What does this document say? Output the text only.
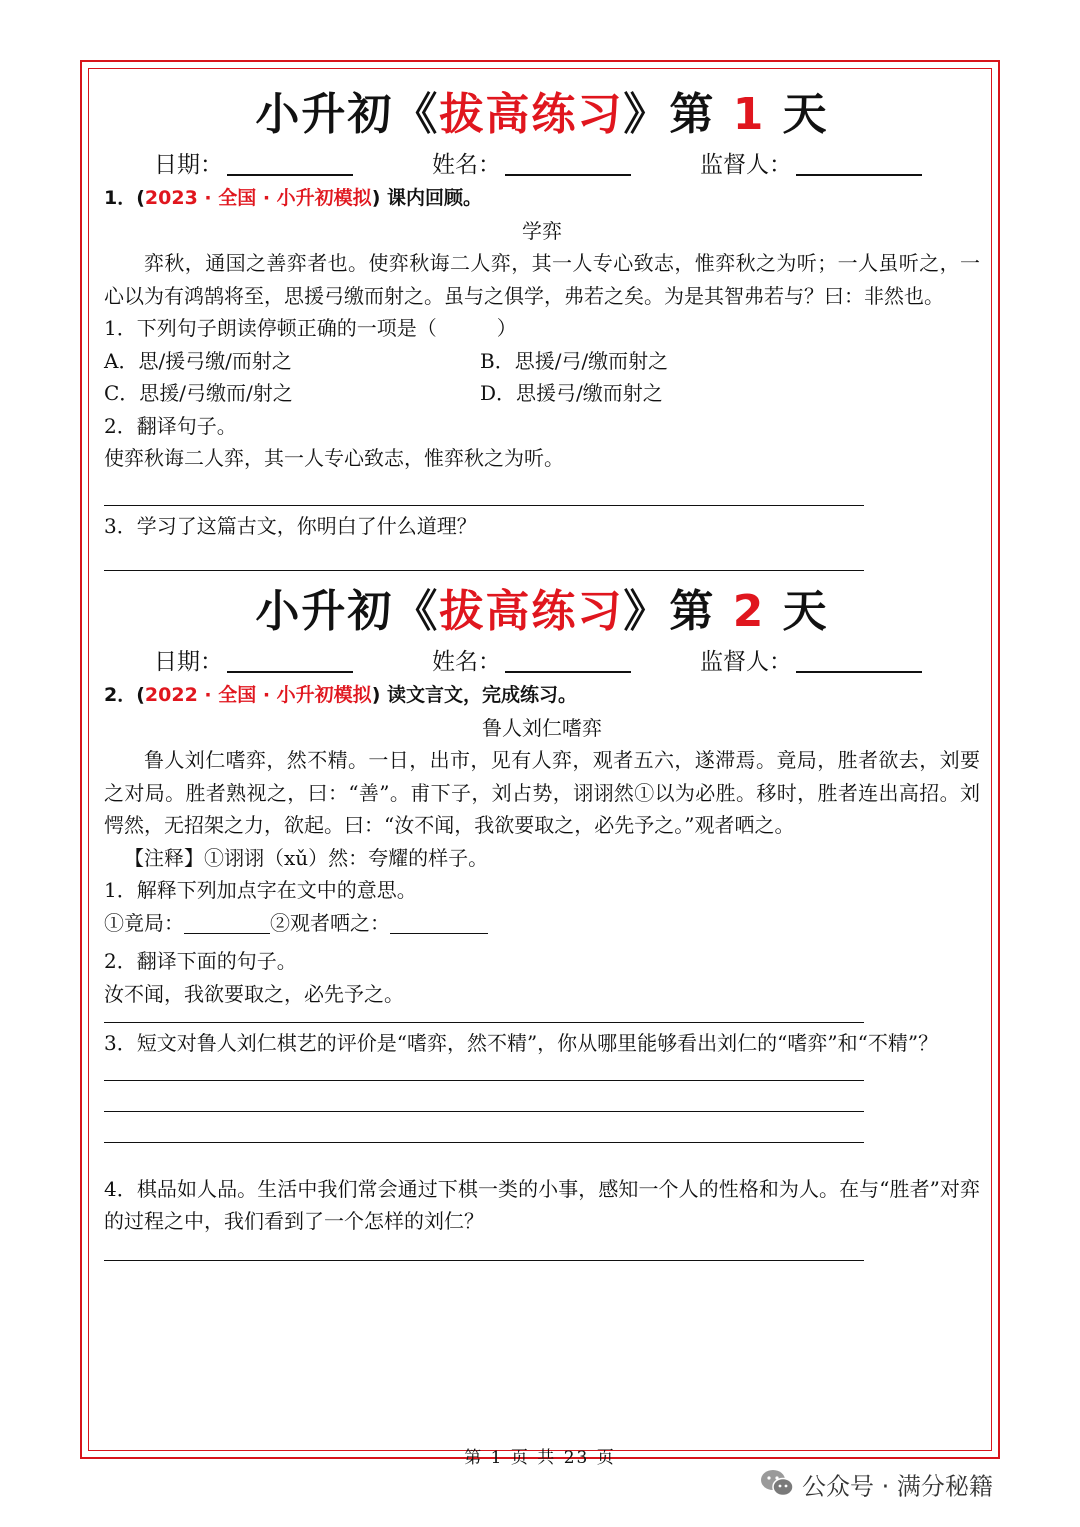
小升初《拔高练习》第 1 天
日期：	姓名：	监督人：

1．(2023 · 全国 · 小升初模拟) 课内回顾。

学弈

弈秋，通国之善弈者也。使弈秋诲二人弈，其一人专心致志，惟弈秋之为听；一人虽听之，一心以为有鸿鹄将至，思援弓缴而射之。虽与之俱学，弗若之矣。为是其智弗若与？曰：非然也。

1．下列句子朗读停顿正确的一项是（　　　）

A．思/援弓缴/而射之	B．思援/弓/缴而射之
C．思援/弓缴而/射之	D．思援弓/缴而射之

2．翻译句子。

使弈秋诲二人弈，其一人专心致志，惟弈秋之为听。

3．学习了这篇古文，你明白了什么道理？

小升初《拔高练习》第 2 天
日期：	姓名：	监督人：

2．(2022 · 全国 · 小升初模拟) 读文言文，完成练习。

鲁人刘仁嗜弈

鲁人刘仁嗜弈，然不精。一日，出市，见有人弈，观者五六，遂滞焉。竟局，胜者欲去，刘要之对局。胜者熟视之，曰：“善”。甫下子，刘占势，诩诩然①以为必胜。移时，胜者连出高招。刘愕然，无招架之力，欲起。曰：“汝不闻，我欲要取之，必先予之。”观者哂之。

【注释】①诩诩（xǔ）然：夸耀的样子。

1．解释下列加点字在文中的意思。

①竟局：	②观者哂之：

2．翻译下面的句子。

汝不闻，我欲要取之，必先予之。

3．短文对鲁人刘仁棋艺的评价是“嗜弈，然不精”，你从哪里能够看出刘仁的“嗜弈”和“不精”？

4．棋品如人品。生活中我们常会通过下棋一类的小事，感知一个人的性格和为人。在与“胜者”对弈的过程之中，我们看到了一个怎样的刘仁？

第 1 页 共 23 页
公众号 · 满分秘籍
